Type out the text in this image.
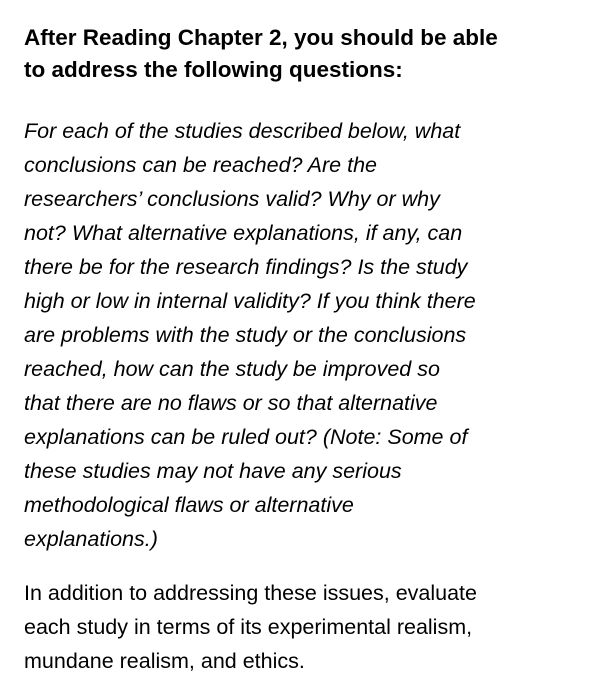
After Reading Chapter 2, you should be able
to address the following questions:

For each of the studies described below, what
conclusions can be reached? Are the
researchers’ conclusions valid? Why or why
not? What alternative explanations, if any, can
there be for the research findings? Is the study
high or low in internal validity? If you think there
are problems with the study or the conclusions
reached, how can the study be improved so
that there are no flaws or so that alternative
explanations can be ruled out? (Note: Some of
these studies may not have any serious
methodological flaws or alternative
explanations.)

In addition to addressing these issues, evaluate
each study in terms of its experimental realism,
mundane realism, and ethics.
